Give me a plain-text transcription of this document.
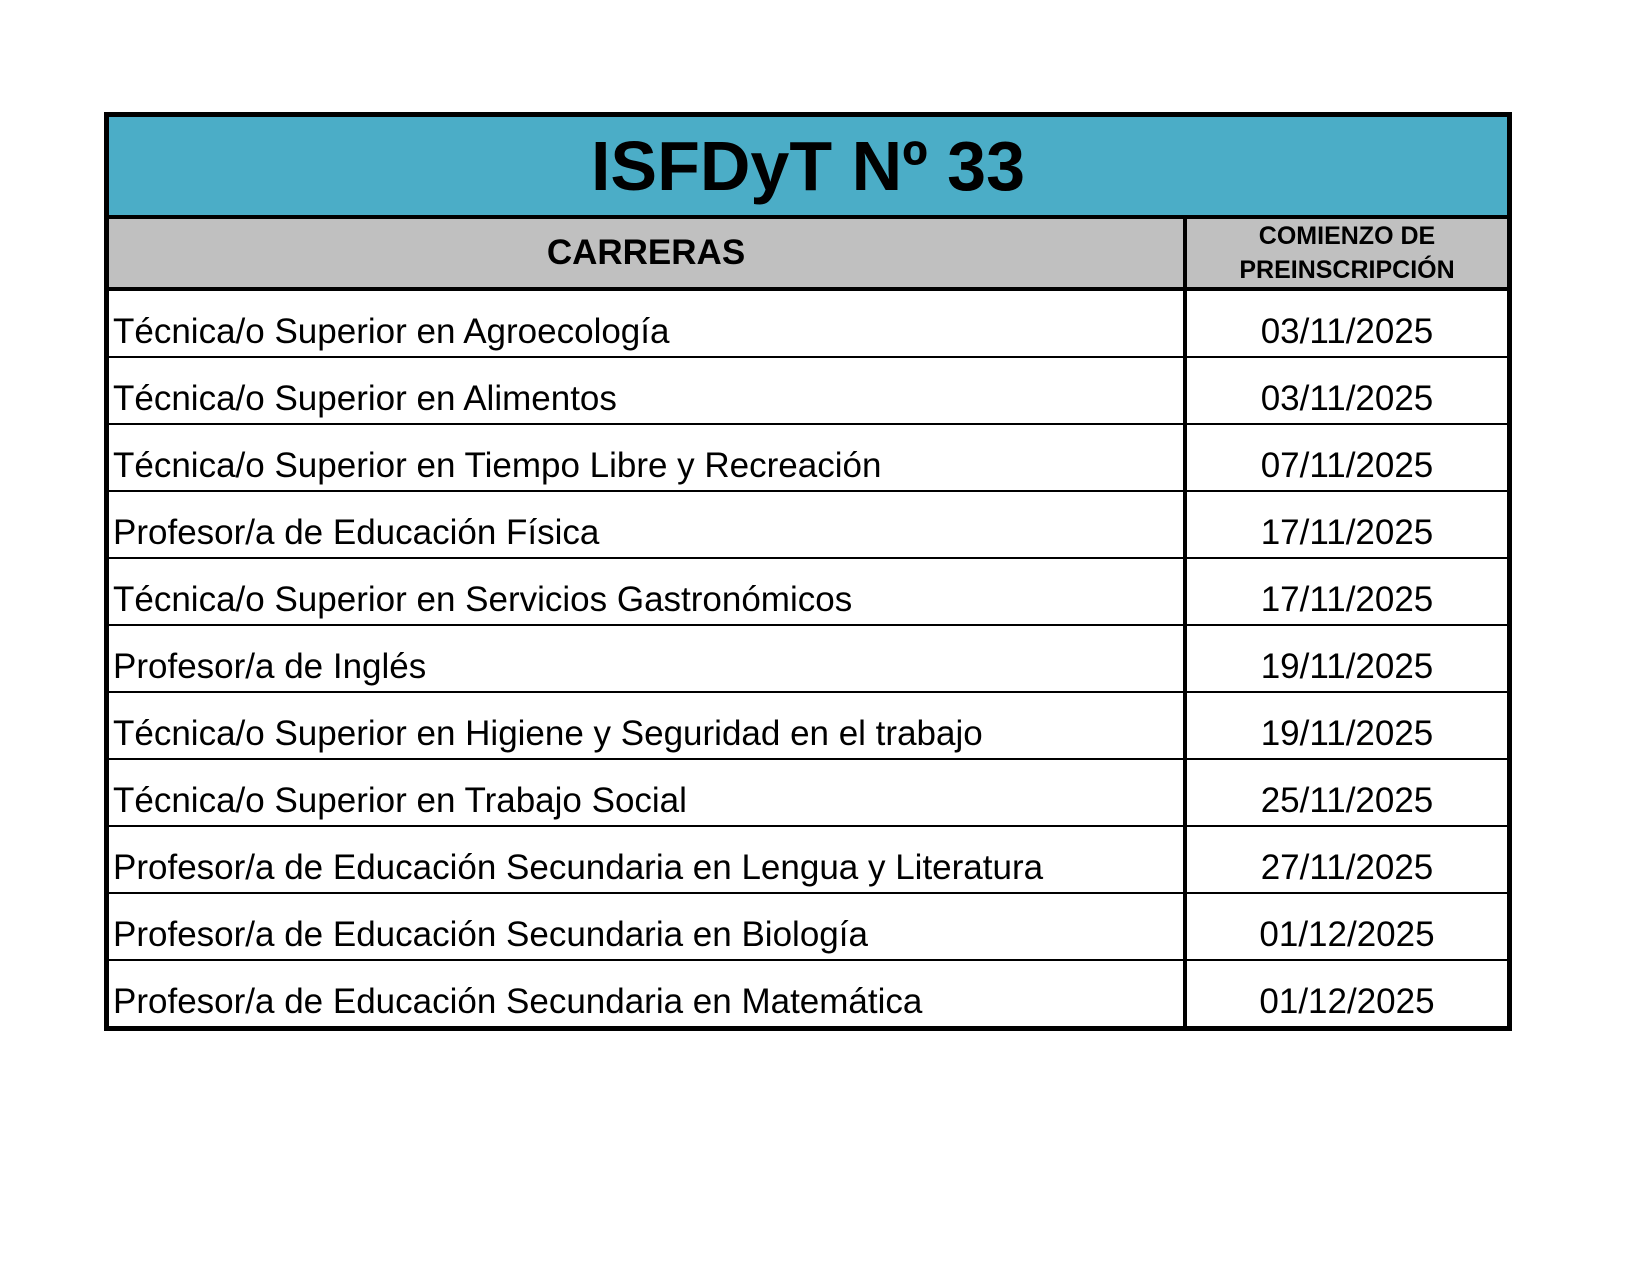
ISFDyT Nº 33
CARRERAS	COMIENZO DE
PREINSCRIPCIÓN
Técnica/o Superior en Agroecología	03/11/2025
Técnica/o Superior en Alimentos	03/11/2025
Técnica/o Superior en Tiempo Libre y Recreación	07/11/2025
Profesor/a de Educación Física	17/11/2025
Técnica/o Superior en Servicios Gastronómicos	17/11/2025
Profesor/a de Inglés	19/11/2025
Técnica/o Superior en Higiene y Seguridad en el trabajo	19/11/2025
Técnica/o Superior en Trabajo Social	25/11/2025
Profesor/a de Educación Secundaria en Lengua y Literatura	27/11/2025
Profesor/a de Educación Secundaria en Biología	01/12/2025
Profesor/a de Educación Secundaria en Matemática	01/12/2025
